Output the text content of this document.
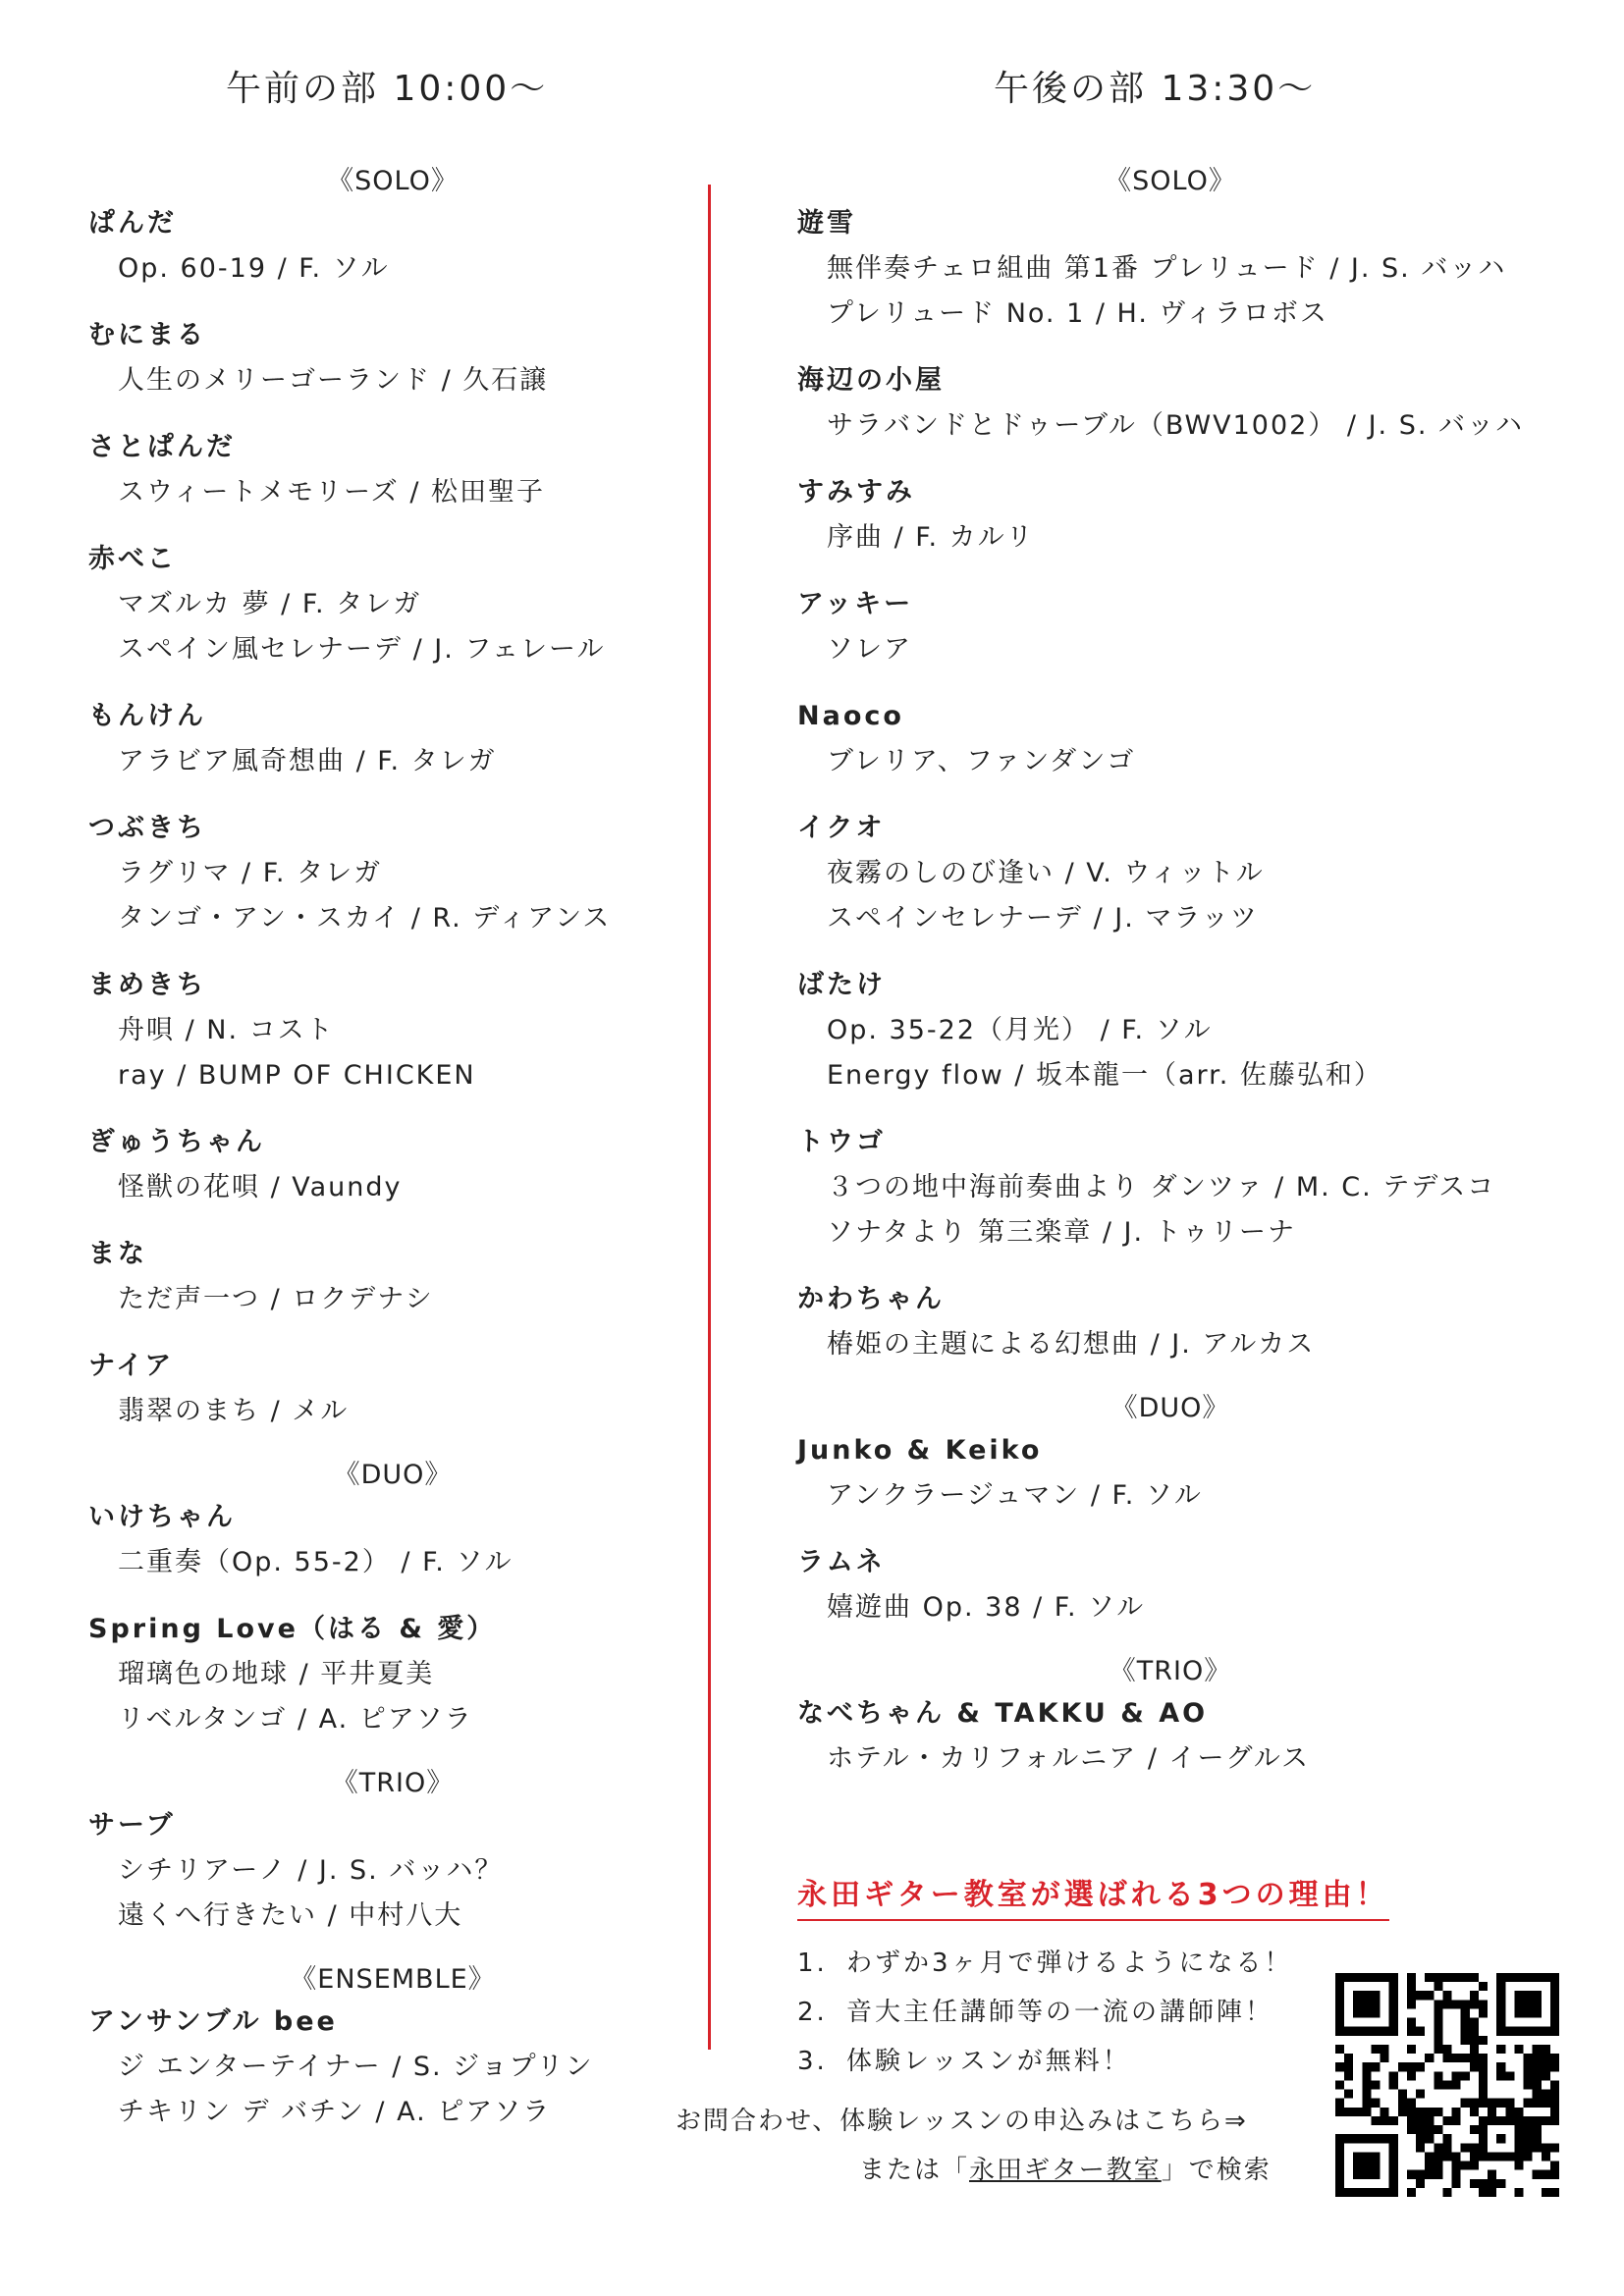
午前の部 10:00〜
《SOLO》
ぱんだ
Op. 60-19 / F. ソル
むにまる
人生のメリーゴーランド / 久石譲
さとぱんだ
スウィートメモリーズ / 松田聖子
赤べこ
マズルカ 夢 / F. タレガ
スペイン風セレナーデ / J. フェレール
もんけん
アラビア風奇想曲 / F. タレガ
つぶきち
ラグリマ / F. タレガ
タンゴ・アン・スカイ / R. ディアンス
まめきち
舟唄 / N. コスト
ray / BUMP OF CHICKEN
ぎゅうちゃん
怪獣の花唄 / Vaundy
まな
ただ声一つ / ロクデナシ
ナイア
翡翠のまち / メル
《DUO》
いけちゃん
二重奏（Op. 55-2） / F. ソル
Spring Love（はる & 愛）
瑠璃色の地球 / 平井夏美
リベルタンゴ / A. ピアソラ
《TRIO》
サーブ
シチリアーノ / J. S. バッハ？
遠くへ行きたい / 中村八大
《ENSEMBLE》
アンサンブル bee
ジ エンターテイナー / S. ジョプリン
チキリン デ バチン / A. ピアソラ
午後の部 13:30〜
《SOLO》
遊雪
無伴奏チェロ組曲 第1番 プレリュード / J. S. バッハ
プレリュード No. 1 / H. ヴィラロボス
海辺の小屋
サラバンドとドゥーブル（BWV1002） / J. S. バッハ
すみすみ
序曲 / F. カルリ
アッキー
ソレア
Naoco
ブレリア、ファンダンゴ
イクオ
夜霧のしのび逢い / V. ウィットル
スペインセレナーデ / J. マラッツ
ばたけ
Op. 35-22（月光） / F. ソル
Energy flow / 坂本龍一（arr. 佐藤弘和）
トウゴ
３つの地中海前奏曲より ダンツァ / M. C. テデスコ
ソナタより 第三楽章 / J. トゥリーナ
かわちゃん
椿姫の主題による幻想曲 / J. アルカス
《DUO》
Junko & Keiko
アンクラージュマン / F. ソル
ラムネ
嬉遊曲 Op. 38 / F. ソル
《TRIO》
なべちゃん & TAKKU & AO
ホテル・カリフォルニア / イーグルス
永田ギター教室が選ばれる3つの理由！
1. わずか3ヶ月で弾けるようになる！
2. 音大主任講師等の一流の講師陣！
3. 体験レッスンが無料！
お問合わせ、体験レッスンの申込みはこちら⇒
または「永田ギター教室」で検索
